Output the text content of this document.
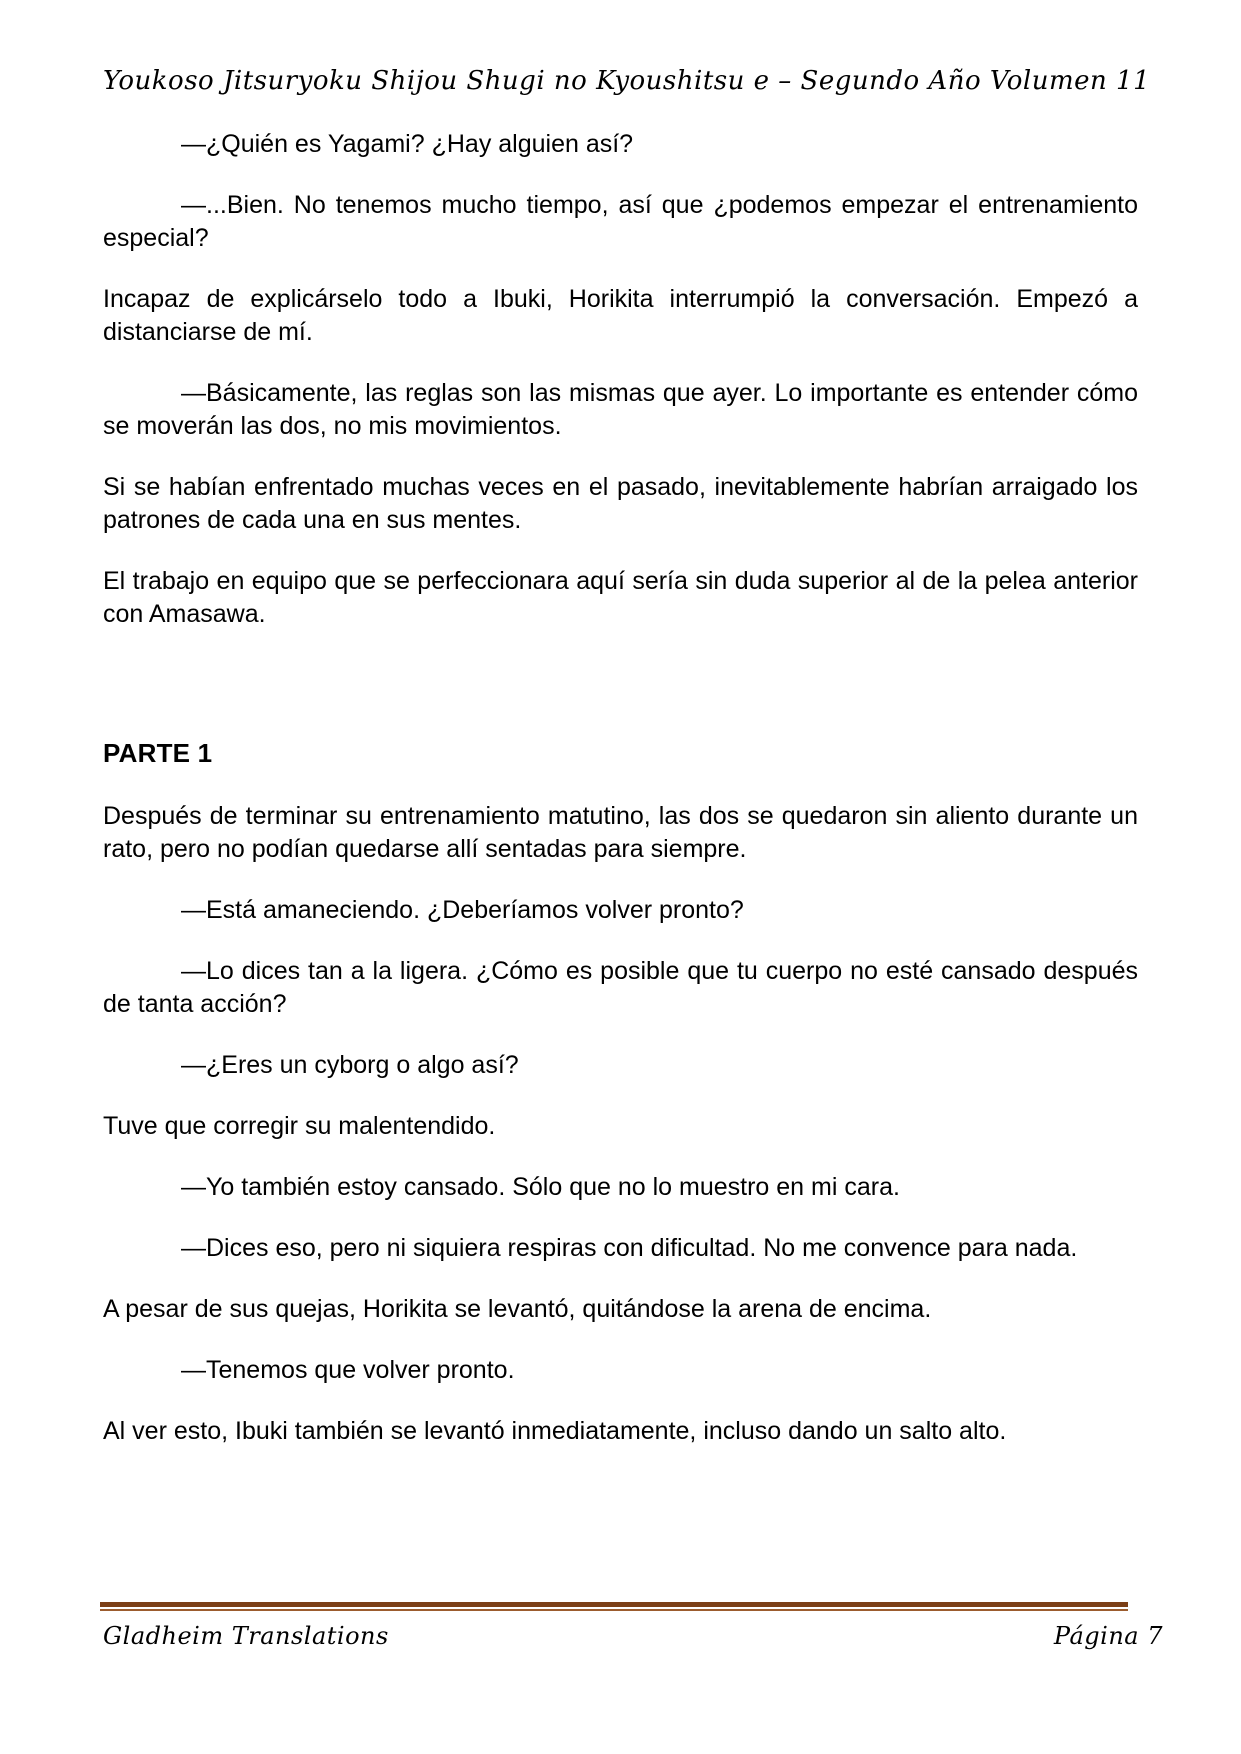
Youkoso Jitsuryoku Shijou Shugi no Kyoushitsu e – Segundo Año Volumen 11

—¿Quién es Yagami? ¿Hay alguien así?

—...Bien. No tenemos mucho tiempo, así que ¿podemos empezar el entrenamiento especial?

Incapaz de explicárselo todo a Ibuki, Horikita interrumpió la conversación. Empezó a distanciarse de mí.

—Básicamente, las reglas son las mismas que ayer. Lo importante es entender cómo se moverán las dos, no mis movimientos.

Si se habían enfrentado muchas veces en el pasado, inevitablemente habrían arraigado los patrones de cada una en sus mentes.

El trabajo en equipo que se perfeccionara aquí sería sin duda superior al de la pelea anterior con Amasawa.

PARTE 1

Después de terminar su entrenamiento matutino, las dos se quedaron sin aliento durante un rato, pero no podían quedarse allí sentadas para siempre.

—Está amaneciendo. ¿Deberíamos volver pronto?

—Lo dices tan a la ligera. ¿Cómo es posible que tu cuerpo no esté cansado después de tanta acción?

—¿Eres un cyborg o algo así?

Tuve que corregir su malentendido.

—Yo también estoy cansado. Sólo que no lo muestro en mi cara.

—Dices eso, pero ni siquiera respiras con dificultad. No me convence para nada.

A pesar de sus quejas, Horikita se levantó, quitándose la arena de encima.

—Tenemos que volver pronto.

Al ver esto, Ibuki también se levantó inmediatamente, incluso dando un salto alto.

Gladheim Translations	Página 7
